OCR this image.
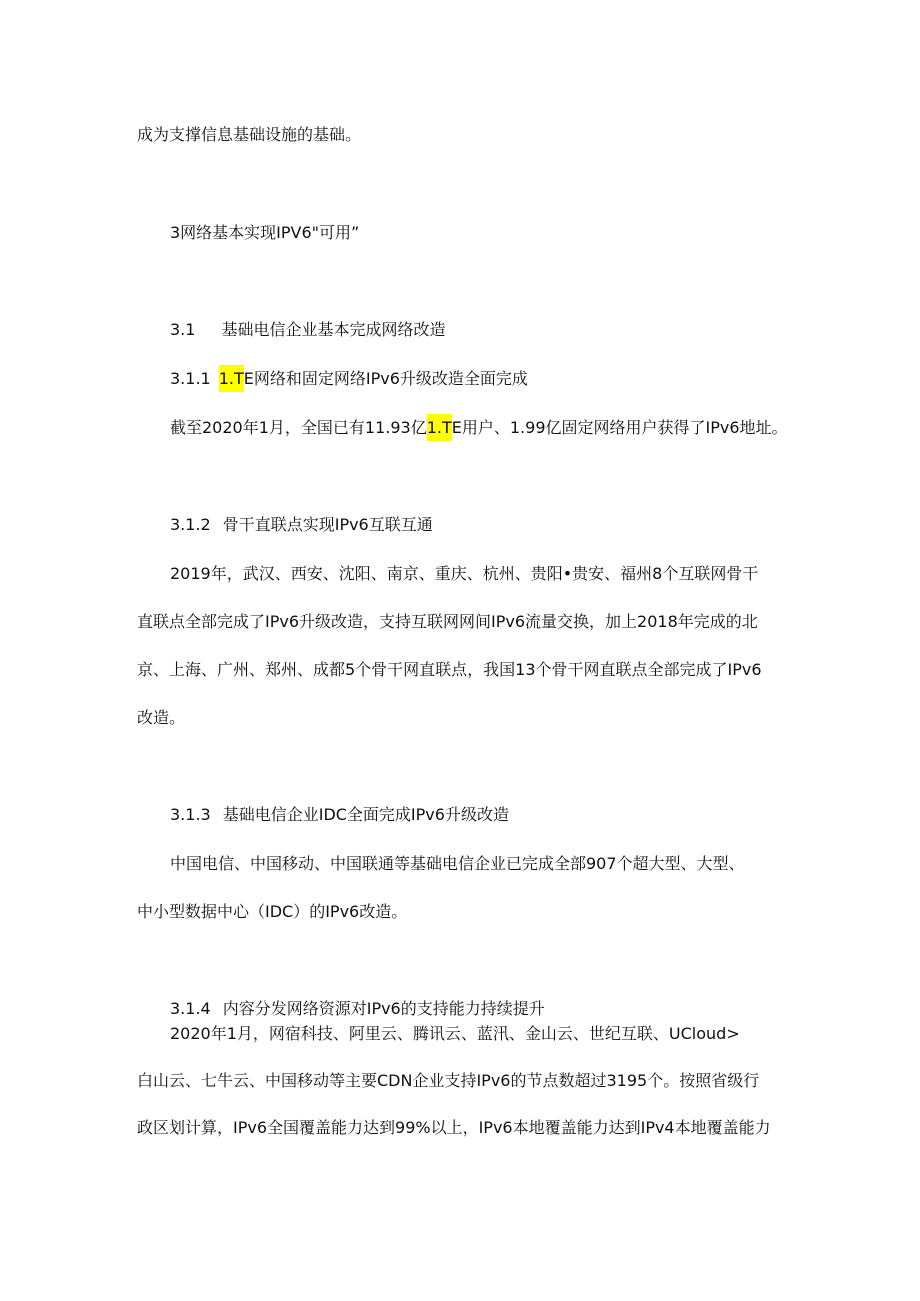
成为支撑信息基础设施的基础。
3网络基本实现IPV6"可用”
3.1 基础电信企业基本完成网络改造
3.1.1 1.TE网络和固定网络IPv6升级改造全面完成
截至2020年1月，全国已有11.93亿1.TE用户、1.99亿固定网络用户获得了IPv6地址。
3.1.2 骨干直联点实现IPv6互联互通
2019年，武汉、西安、沈阳、南京、重庆、杭州、贵阳•贵安、福州8个互联网骨干
直联点全部完成了IPv6升级改造，支持互联网网间IPv6流量交换，加上2018年完成的北
京、上海、广州、郑州、成都5个骨干网直联点，我国13个骨干网直联点全部完成了IPv6
改造。
3.1.3 基础电信企业IDC全面完成IPv6升级改造
中国电信、中国移动、中国联通等基础电信企业已完成全部907个超大型、大型、
中小型数据中心（IDC）的IPv6改造。
3.1.4 内容分发网络资源对IPv6的支持能力持续提升
2020年1月，网宿科技、阿里云、腾讯云、蓝汛、金山云、世纪互联、UCloud>
白山云、七牛云、中国移动等主要CDN企业支持IPv6的节点数超过3195个。按照省级行
政区划计算，IPv6全国覆盖能力达到99%以上，IPv6本地覆盖能力达到IPv4本地覆盖能力
